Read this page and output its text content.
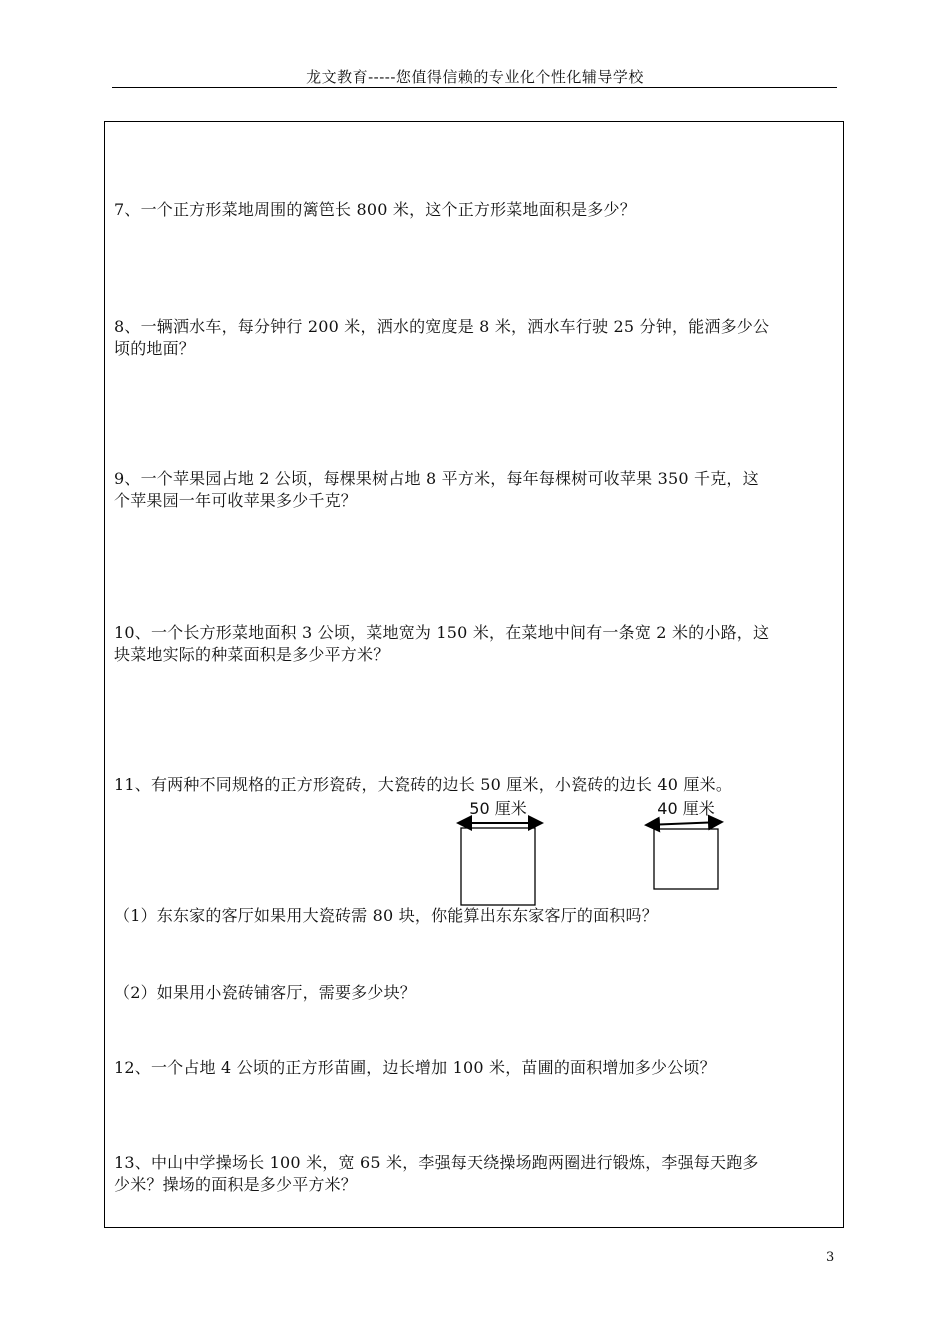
龙文教育-----您值得信赖的专业化个性化辅导学校
7、一个正方形菜地周围的篱笆长 800 米，这个正方形菜地面积是多少？
8、一辆洒水车，每分钟行 200 米，洒水的宽度是 8 米，洒水车行驶 25 分钟，能洒多少公
顷的地面？
9、一个苹果园占地 2 公顷，每棵果树占地 8 平方米，每年每棵树可收苹果 350 千克，这
个苹果园一年可收苹果多少千克？
10、一个长方形菜地面积 3 公顷，菜地宽为 150 米，在菜地中间有一条宽 2 米的小路，这
块菜地实际的种菜面积是多少平方米？
11、有两种不同规格的正方形瓷砖，大瓷砖的边长 50 厘米，小瓷砖的边长 40 厘米。
50 厘米	40 厘米
（1）东东家的客厅如果用大瓷砖需 80 块，你能算出东东家客厅的面积吗？
（2）如果用小瓷砖铺客厅，需要多少块？
12、一个占地 4 公顷的正方形苗圃，边长增加 100 米，苗圃的面积增加多少公顷？
13、中山中学操场长 100 米，宽 65 米，李强每天绕操场跑两圈进行锻炼，李强每天跑多
少米？操场的面积是多少平方米？
3
